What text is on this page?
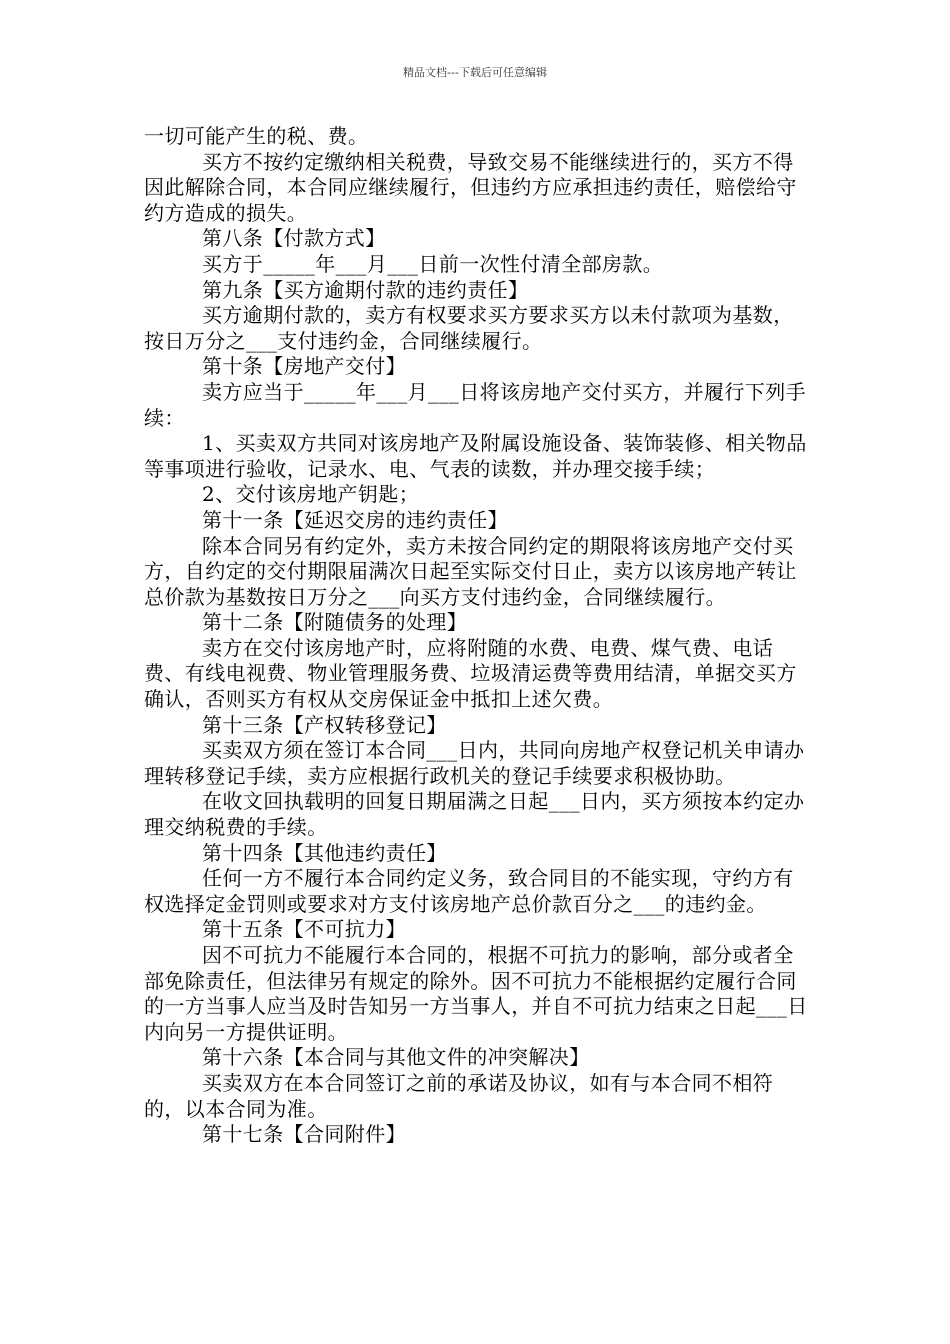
精品文档---下载后可任意编辑

一切可能产生的税、费。

买方不按约定缴纳相关税费，导致交易不能继续进行的，买方不得因此解除合同，本合同应继续履行，但违约方应承担违约责任，赔偿给守约方造成的损失。

第八条【付款方式】

买方于_____年___月___日前一次性付清全部房款。

第九条【买方逾期付款的违约责任】

买方逾期付款的，卖方有权要求买方要求买方以未付款项为基数，按日万分之___支付违约金，合同继续履行。

第十条【房地产交付】

卖方应当于_____年___月___日将该房地产交付买方，并履行下列手续：

1、买卖双方共同对该房地产及附属设施设备、装饰装修、相关物品等事项进行验收，记录水、电、气表的读数，并办理交接手续；

2、交付该房地产钥匙；

第十一条【延迟交房的违约责任】

除本合同另有约定外，卖方未按合同约定的期限将该房地产交付买方，自约定的交付期限届满次日起至实际交付日止，卖方以该房地产转让总价款为基数按日万分之___向买方支付违约金，合同继续履行。

第十二条【附随债务的处理】

卖方在交付该房地产时，应将附随的水费、电费、煤气费、电话费、有线电视费、物业管理服务费、垃圾清运费等费用结清，单据交买方确认，否则买方有权从交房保证金中抵扣上述欠费。

第十三条【产权转移登记】

买卖双方须在签订本合同___日内，共同向房地产权登记机关申请办理转移登记手续，卖方应根据行政机关的登记手续要求积极协助。

在收文回执载明的回复日期届满之日起___日内，买方须按本约定办理交纳税费的手续。

第十四条【其他违约责任】

任何一方不履行本合同约定义务，致合同目的不能实现，守约方有权选择定金罚则或要求对方支付该房地产总价款百分之___的违约金。

第十五条【不可抗力】

因不可抗力不能履行本合同的，根据不可抗力的影响，部分或者全部免除责任，但法律另有规定的除外。因不可抗力不能根据约定履行合同的一方当事人应当及时告知另一方当事人，并自不可抗力结束之日起___日内向另一方提供证明。

第十六条【本合同与其他文件的冲突解决】

买卖双方在本合同签订之前的承诺及协议，如有与本合同不相符的，以本合同为准。

第十七条【合同附件】
